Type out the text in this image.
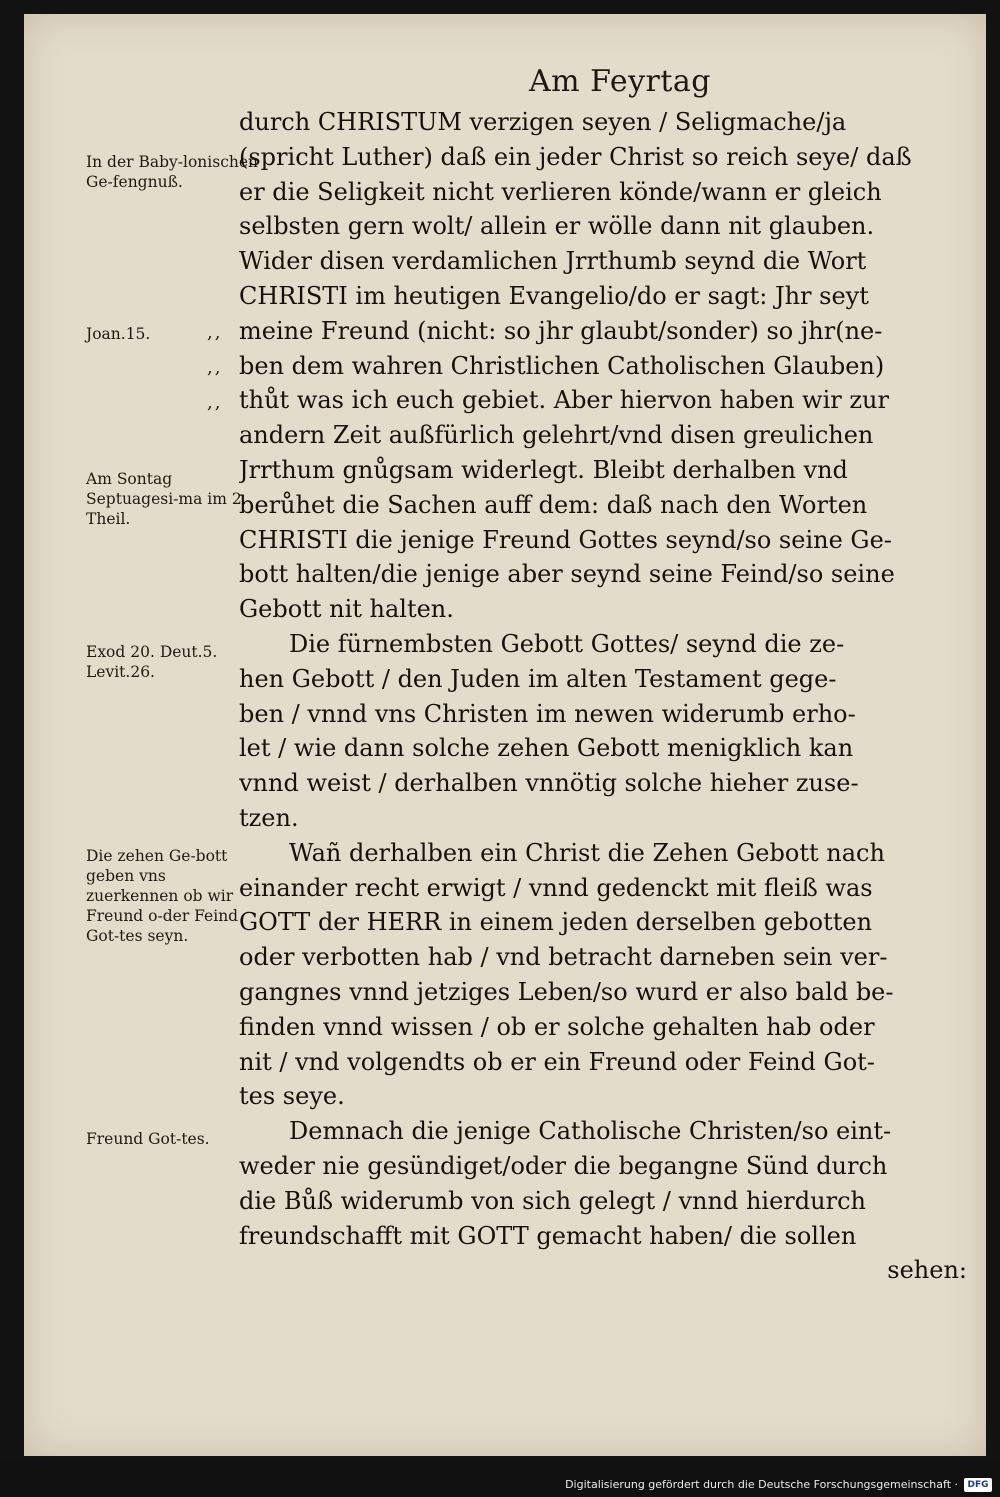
Am Feyrtag
In der Baby-lonischen Ge-fengnuß.
Joan.15.
Am Sontag Septuagesi-ma im 2. Theil.
Exod 20. Deut.5. Levit.26.
Die zehen Ge-bott geben vns zuerkennen ob wir Freund o-der Feind Got-tes seyn.
Freund Got-tes.
,,
,,
,,
durch CHRISTUM verzigen seyen / Seligmache/ja
(spricht Luther) daß ein jeder Christ so reich seye/ daß
er die Seligkeit nicht verlieren könde/wann er gleich
selbsten gern wolt/ allein er wölle dann nit glauben.
Wider disen verdamlichen Jrrthumb seynd die Wort
CHRISTI im heutigen Evangelio/do er sagt: Jhr seyt
meine Freund (nicht: so jhr glaubt/sonder) so jhr(ne-
ben dem wahren Christlichen Catholischen Glauben)
thůt was ich euch gebiet. Aber hiervon haben wir zur
andern Zeit außfürlich gelehrt/vnd disen greulichen
Jrrthum gnůgsam widerlegt. Bleibt derhalben vnd
berůhet die Sachen auff dem: daß nach den Worten
CHRISTI die jenige Freund Gottes seynd/so seine Ge-
bott halten/die jenige aber seynd seine Feind/so seine
Gebott nit halten.
Die fürnembsten Gebott Gottes/ seynd die ze-
hen Gebott / den Juden im alten Testament gege-
ben / vnnd vns Christen im newen widerumb erho-
let / wie dann solche zehen Gebott menigklich kan
vnnd weist / derhalben vnnötig solche hieher zuse-
tzen.
Wañ derhalben ein Christ die Zehen Gebott nach
einander recht erwigt / vnnd gedenckt mit fleiß was
GOTT der HERR in einem jeden derselben gebotten
oder verbotten hab / vnd betracht darneben sein ver-
gangnes vnnd jetziges Leben/so wurd er also bald be-
finden vnnd wissen / ob er solche gehalten hab oder
nit / vnd volgendts ob er ein Freund oder Feind Got-
tes seye.
Demnach die jenige Catholische Christen/so eint-
weder nie gesündiget/oder die begangne Sünd durch
die Bůß widerumb von sich gelegt / vnnd hierdurch
freundschafft mit GOTT gemacht haben/ die sollen
sehen:
Digitalisierung gefördert durch die Deutsche Forschungsgemeinschaft ·	DFG
